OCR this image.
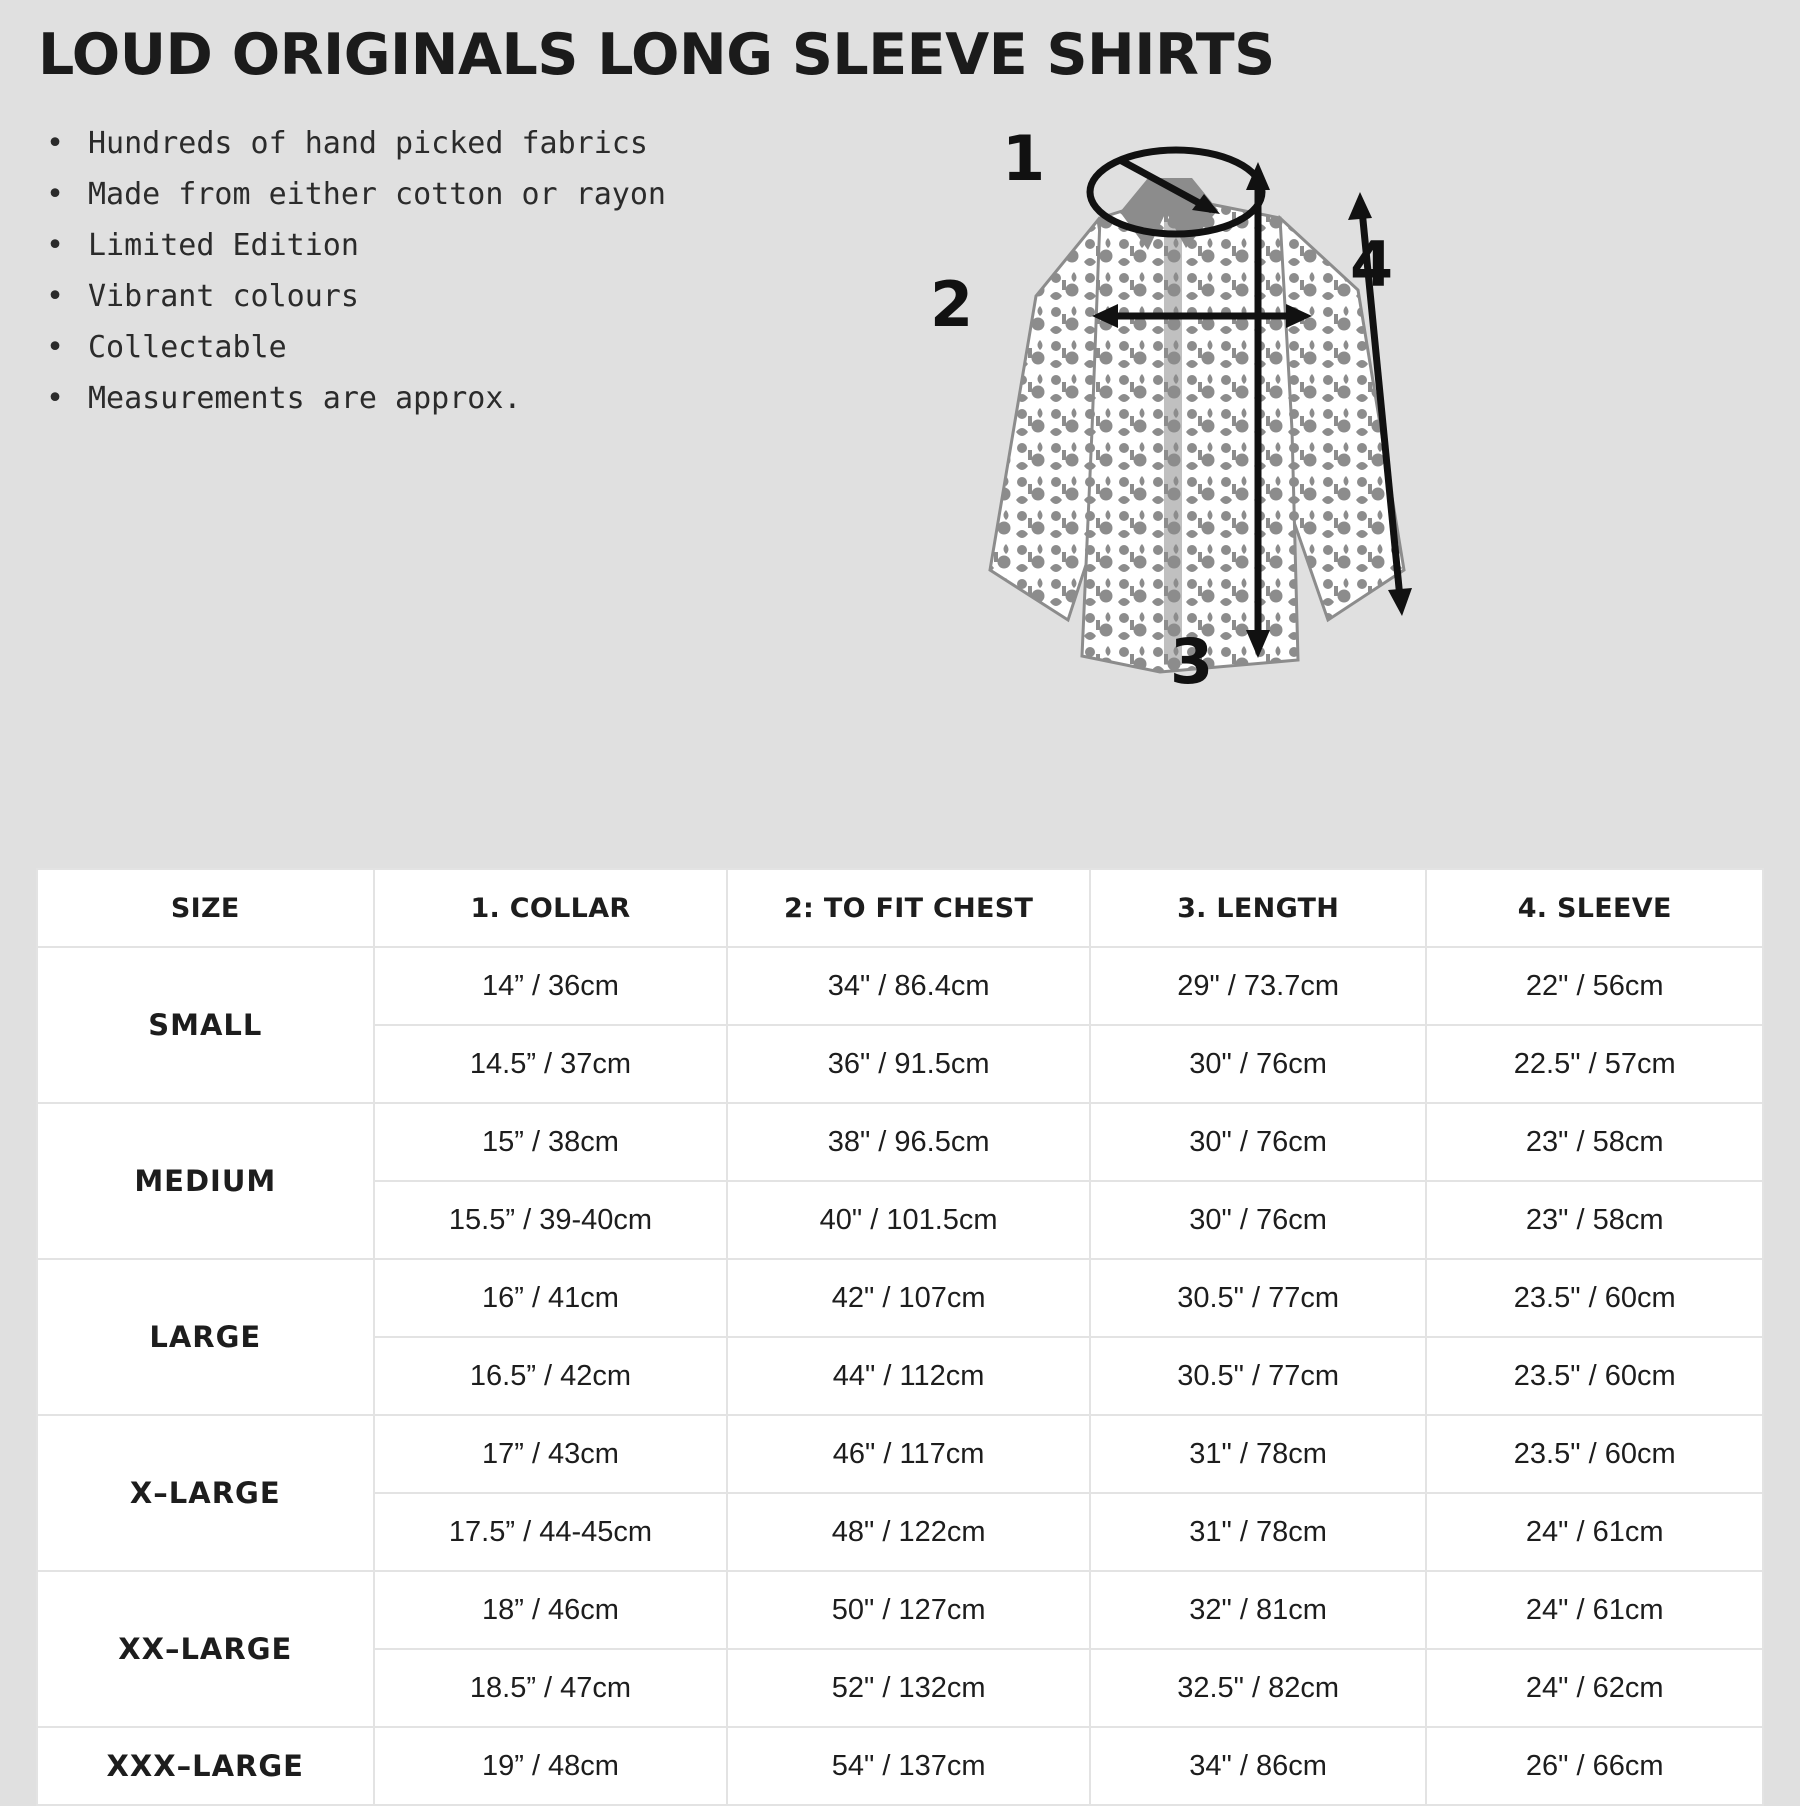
LOUD ORIGINALS LONG SLEEVE SHIRTS
• Hundreds of hand picked fabrics
• Made from either cotton or rayon
• Limited Edition
• Vibrant colours
• Collectable
• Measurements are approx.
1
2
3
4
SIZE	1. COLLAR	2: TO FIT CHEST	3. LENGTH	4. SLEEVE
SMALL	14” / 36cm	34" / 86.4cm	29" / 73.7cm	22" / 56cm
	14.5” / 37cm	36" / 91.5cm	30" / 76cm	22.5" / 57cm
MEDIUM	15” / 38cm	38" / 96.5cm	30" / 76cm	23" / 58cm
	15.5” / 39-40cm	40" / 101.5cm	30" / 76cm	23" / 58cm
LARGE	16” / 41cm	42" / 107cm	30.5" / 77cm	23.5" / 60cm
	16.5” / 42cm	44" / 112cm	30.5" / 77cm	23.5" / 60cm
X–LARGE	17” / 43cm	46" / 117cm	31" / 78cm	23.5" / 60cm
	17.5” / 44-45cm	48" / 122cm	31" / 78cm	24" / 61cm
XX–LARGE	18” / 46cm	50" / 127cm	32" / 81cm	24" / 61cm
	18.5” / 47cm	52" / 132cm	32.5" / 82cm	24" / 62cm
XXX–LARGE	19” / 48cm	54" / 137cm	34" / 86cm	26" / 66cm
